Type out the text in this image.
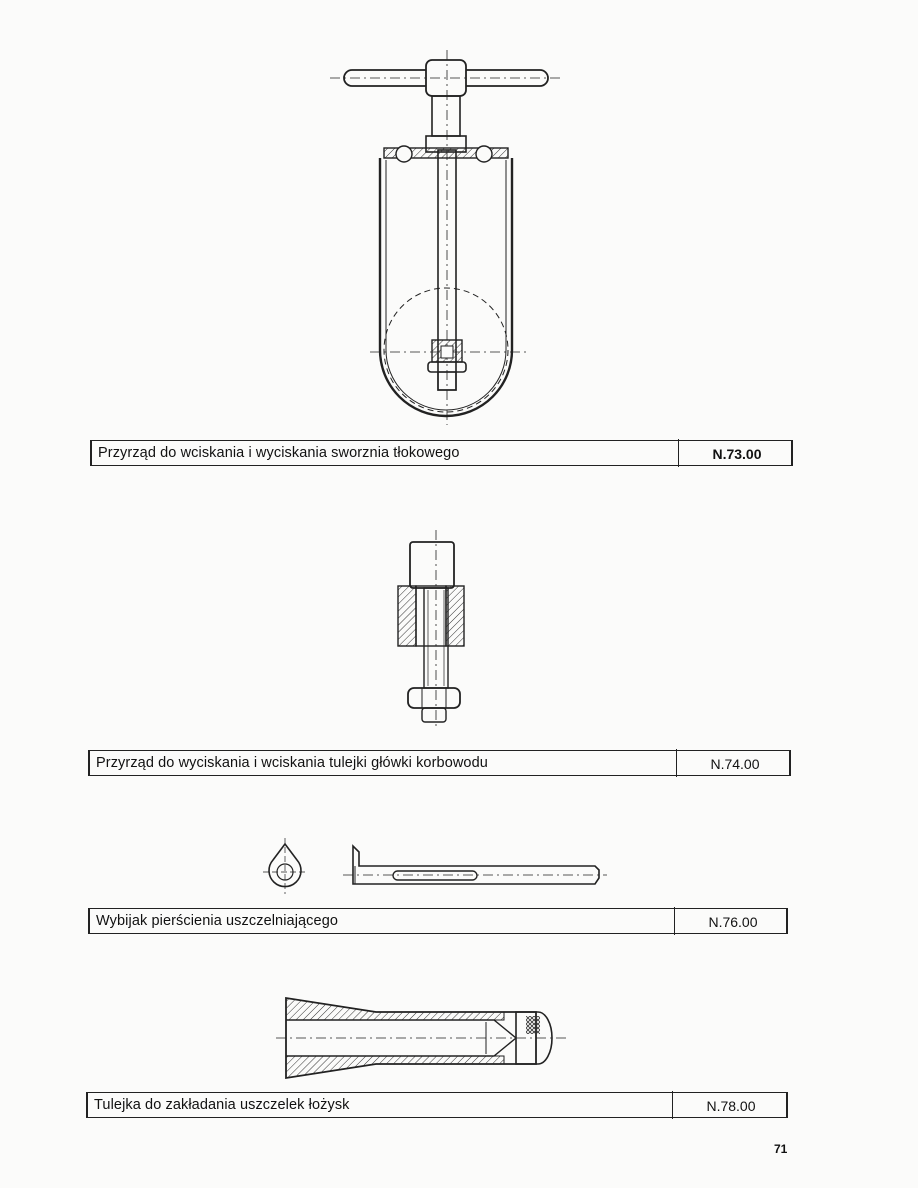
Przyrząd do wciskania i wyciskania sworznia tłokowego	N.73.00
Przyrząd do wyciskania i wciskania tulejki główki korbowodu	N.74.00
Wybijak pierścienia uszczelniającego	N.76.00
Tulejka do zakładania uszczelek łożysk	N.78.00
71
